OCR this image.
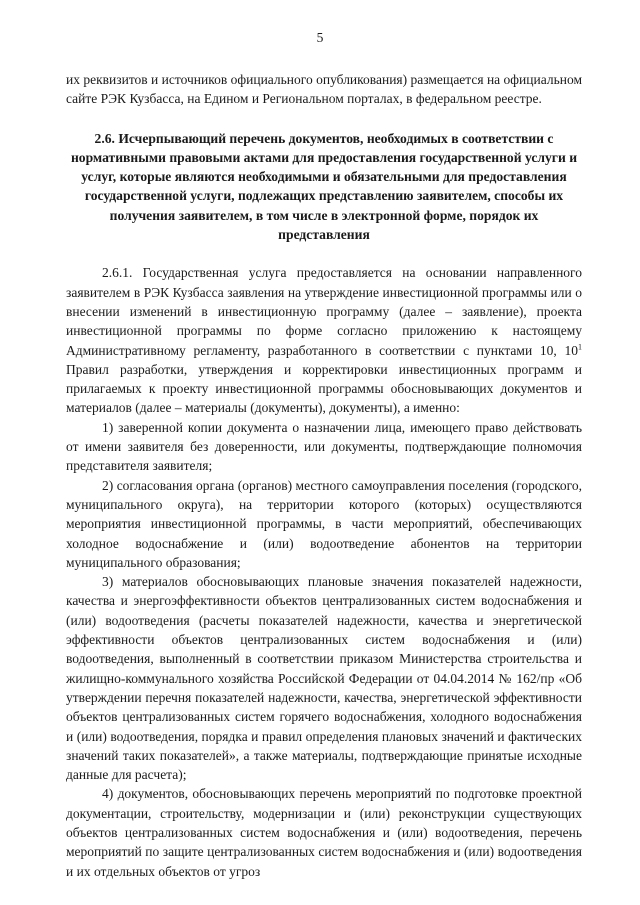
5

их реквизитов и источников официального опубликования) размещается на официальном сайте РЭК Кузбасса, на Едином и Региональном порталах, в федеральном реестре.

2.6. Исчерпывающий перечень документов, необходимых в соответствии с нормативными правовыми актами для предоставления государственной услуги и услуг, которые являются необходимыми и обязательными для предоставления государственной услуги, подлежащих представлению заявителем, способы их получения заявителем, в том числе в электронной форме, порядок их представления

2.6.1. Государственная услуга предоставляется на основании направленного заявителем в РЭК Кузбасса заявления на утверждение инвестиционной программы или о внесении изменений в инвестиционную программу (далее – заявление), проекта инвестиционной программы по форме согласно приложению к настоящему Административному регламенту, разработанного в соответствии с пунктами 10, $10^1$ Правил разработки, утверждения и корректировки инвестиционных программ и прилагаемых к проекту инвестиционной программы обосновывающих документов и материалов (далее – материалы (документы), документы), а именно:

1) заверенной копии документа о назначении лица, имеющего право действовать от имени заявителя без доверенности, или документы, подтверждающие полномочия представителя заявителя;

2) согласования органа (органов) местного самоуправления поселения (городского, муниципального округа), на территории которого (которых) осуществляются мероприятия инвестиционной программы, в части мероприятий, обеспечивающих холодное водоснабжение и (или) водоотведение абонентов на территории муниципального образования;

3) материалов обосновывающих плановые значения показателей надежности, качества и энергоэффективности объектов централизованных систем водоснабжения и (или) водоотведения (расчеты показателей надежности, качества и энергетической эффективности объектов централизованных систем водоснабжения и (или) водоотведения, выполненный в соответствии приказом Министерства строительства и жилищно-коммунального хозяйства Российской Федерации от 04.04.2014 № 162/пр «Об утверждении перечня показателей надежности, качества, энергетической эффективности объектов централизованных систем горячего водоснабжения, холодного водоснабжения и (или) водоотведения, порядка и правил определения плановых значений и фактических значений таких показателей», а также материалы, подтверждающие принятые исходные данные для расчета);

4) документов, обосновывающих перечень мероприятий по подготовке проектной документации, строительству, модернизации и (или) реконструкции существующих объектов централизованных систем водоснабжения и (или) водоотведения, перечень мероприятий по защите централизованных систем водоснабжения и (или) водоотведения и их отдельных объектов от угроз
